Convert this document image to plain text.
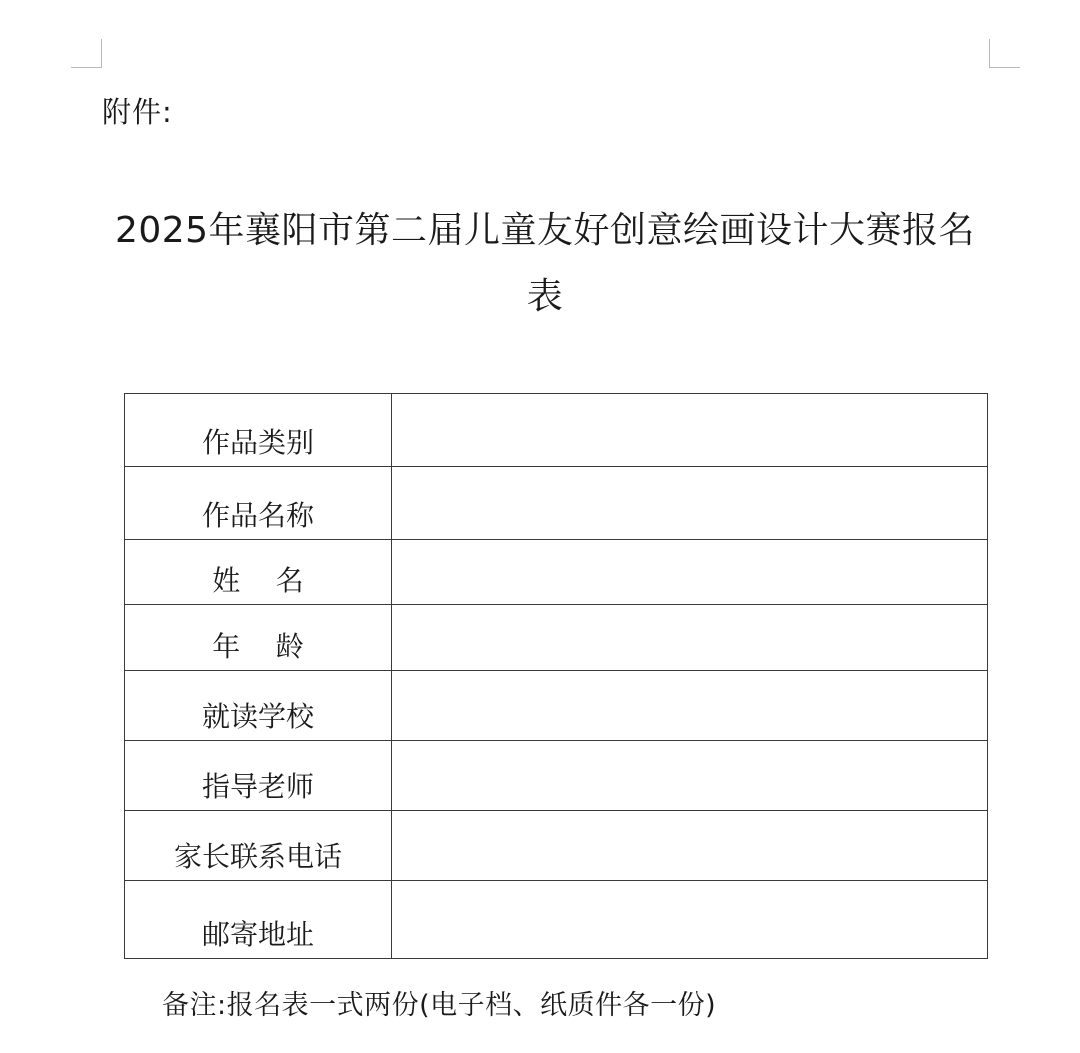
附件:
2025年襄阳市第二届儿童友好创意绘画设计大赛报名表
作品类别	
作品名称	
姓    名	
年    龄	
就读学校	
指导老师	
家长联系电话	
邮寄地址	
备注:报名表一式两份(电子档、纸质件各一份)
